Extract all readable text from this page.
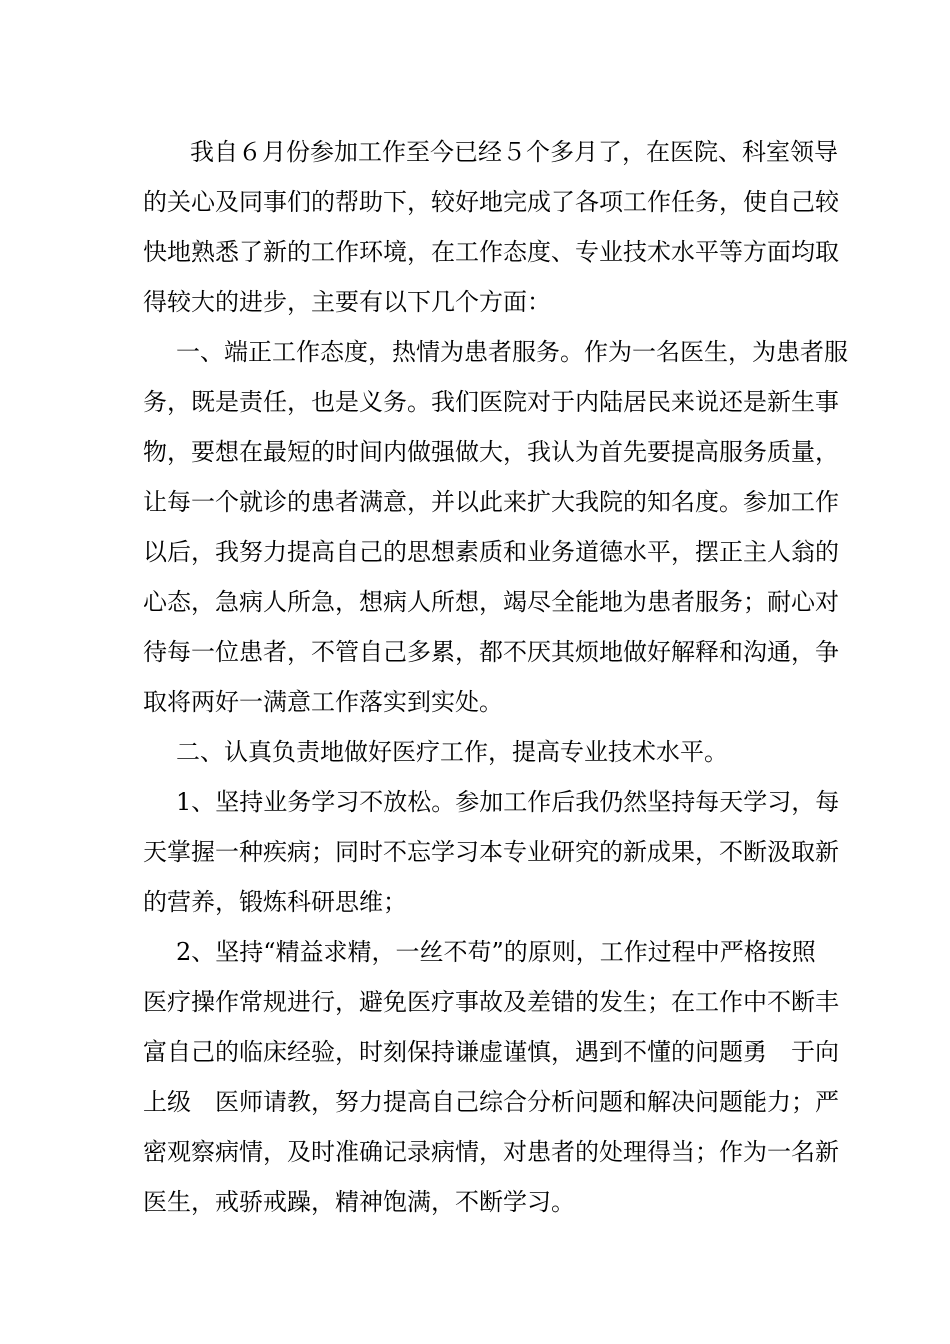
我自６月份参加工作至今已经５个多月了，在医院、科室领导
的关心及同事们的帮助下，较好地完成了各项工作任务，使自己较
快地熟悉了新的工作环境，在工作态度、专业技术水平等方面均取
得较大的进步，主要有以下几个方面：
一、端正工作态度，热情为患者服务。作为一名医生，为患者服
务，既是责任，也是义务。我们医院对于内陆居民来说还是新生事
物，要想在最短的时间内做强做大，我认为首先要提高服务质量，
让每一个就诊的患者满意，并以此来扩大我院的知名度。参加工作
以后，我努力提高自己的思想素质和业务道德水平，摆正主人翁的
心态，急病人所急，想病人所想，竭尽全能地为患者服务；耐心对
待每一位患者，不管自己多累，都不厌其烦地做好解释和沟通，争
取将两好一满意工作落实到实处。
二、认真负责地做好医疗工作，提高专业技术水平。
1、坚持业务学习不放松。参加工作后我仍然坚持每天学习，每
天掌握一种疾病；同时不忘学习本专业研究的新成果，不断汲取新
的营养，锻炼科研思维；
2、坚持“精益求精，一丝不苟”的原则，工作过程中严格按照
医疗操作常规进行，避免医疗事故及差错的发生；在工作中不断丰
富自己的临床经验，时刻保持谦虚谨慎，遇到不懂的问题勇　于向
上级　医师请教，努力提高自己综合分析问题和解决问题能力；严
密观察病情，及时准确记录病情，对患者的处理得当；作为一名新
医生，戒骄戒躁，精神饱满，不断学习。
